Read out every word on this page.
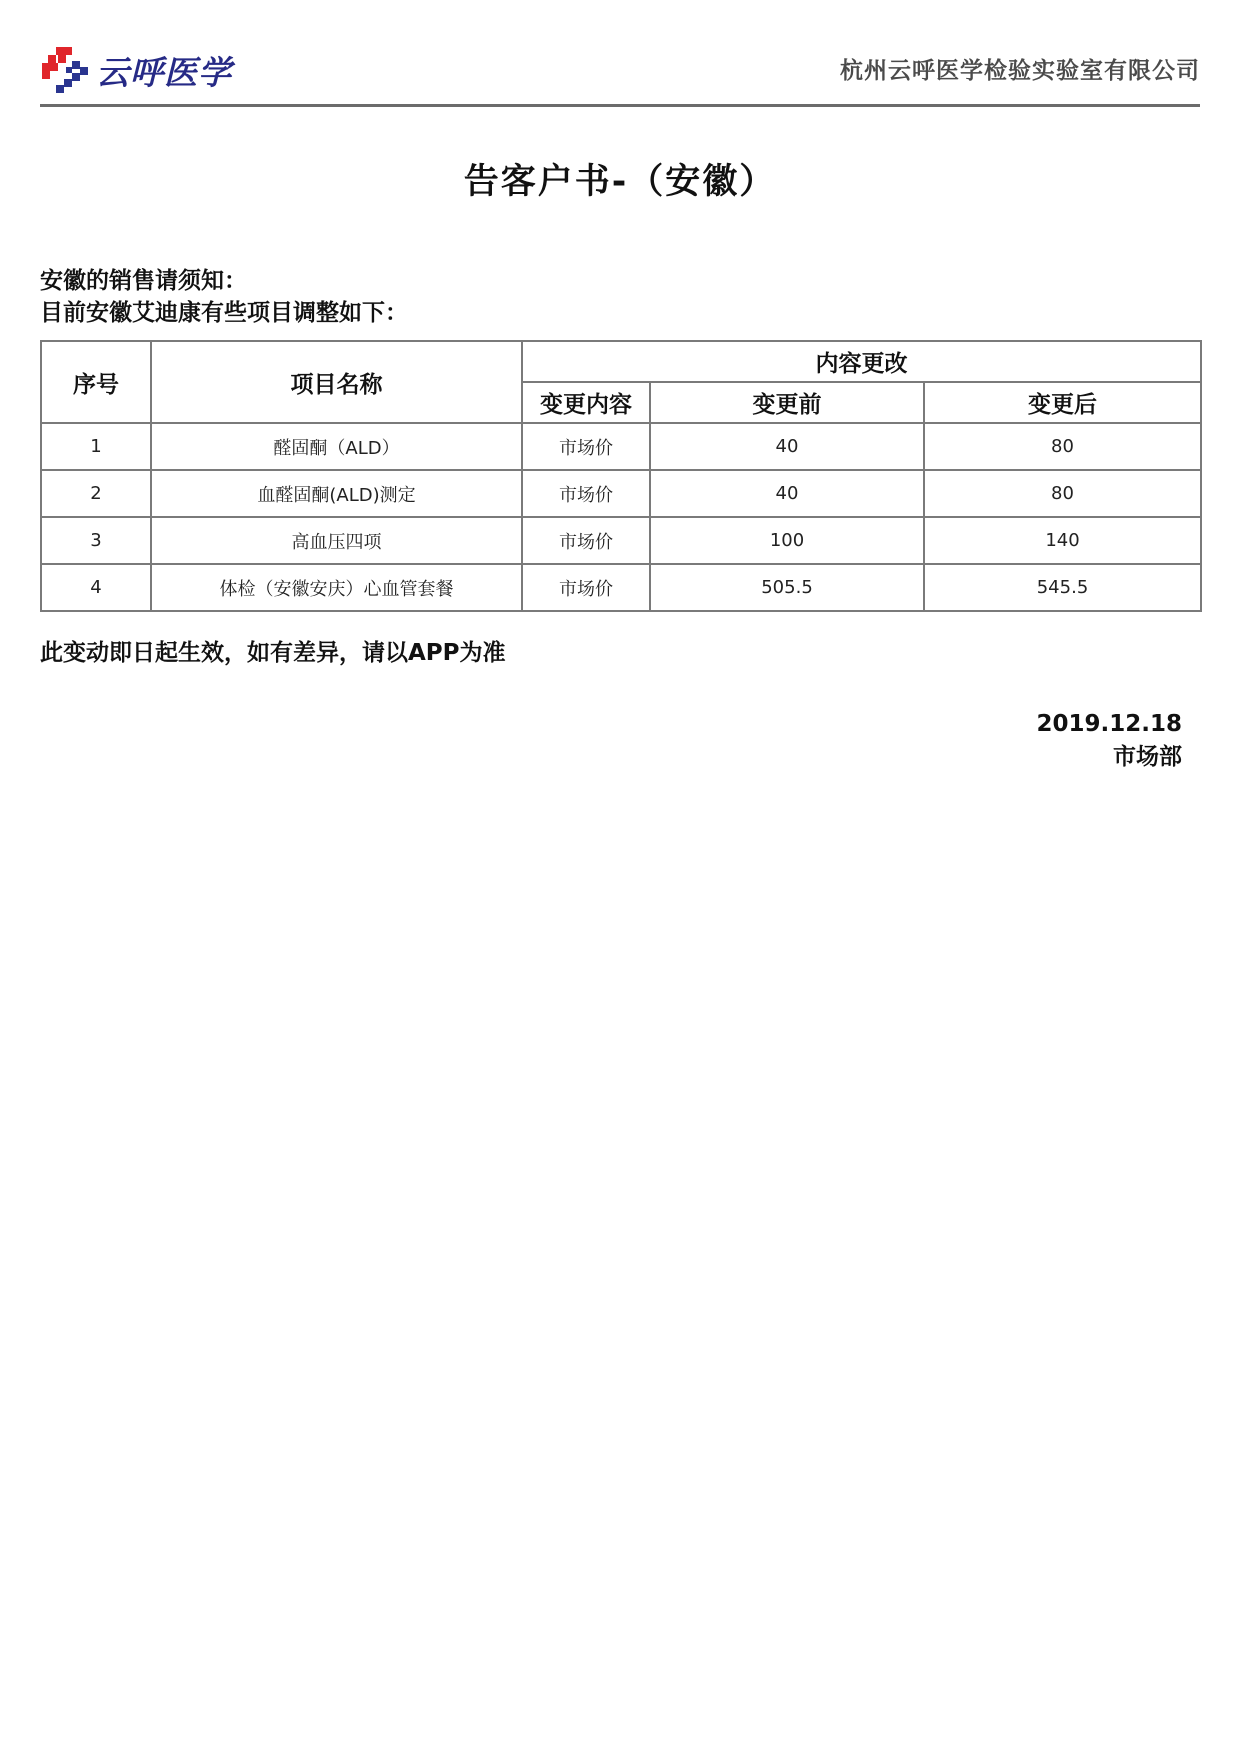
云呼医学	杭州云呼医学检验实验室有限公司
告客户书-（安徽）
安徽的销售请须知：
目前安徽艾迪康有些项目调整如下：
序号	项目名称	内容更改		
		变更内容	变更前	变更后
1	醛固酮（ALD）	市场价	40	80
2	血醛固酮(ALD)测定	市场价	40	80
3	高血压四项	市场价	100	140
4	体检（安徽安庆）心血管套餐	市场价	505.5	545.5
此变动即日起生效，如有差异，请以APP为准
2019.12.18
市场部
